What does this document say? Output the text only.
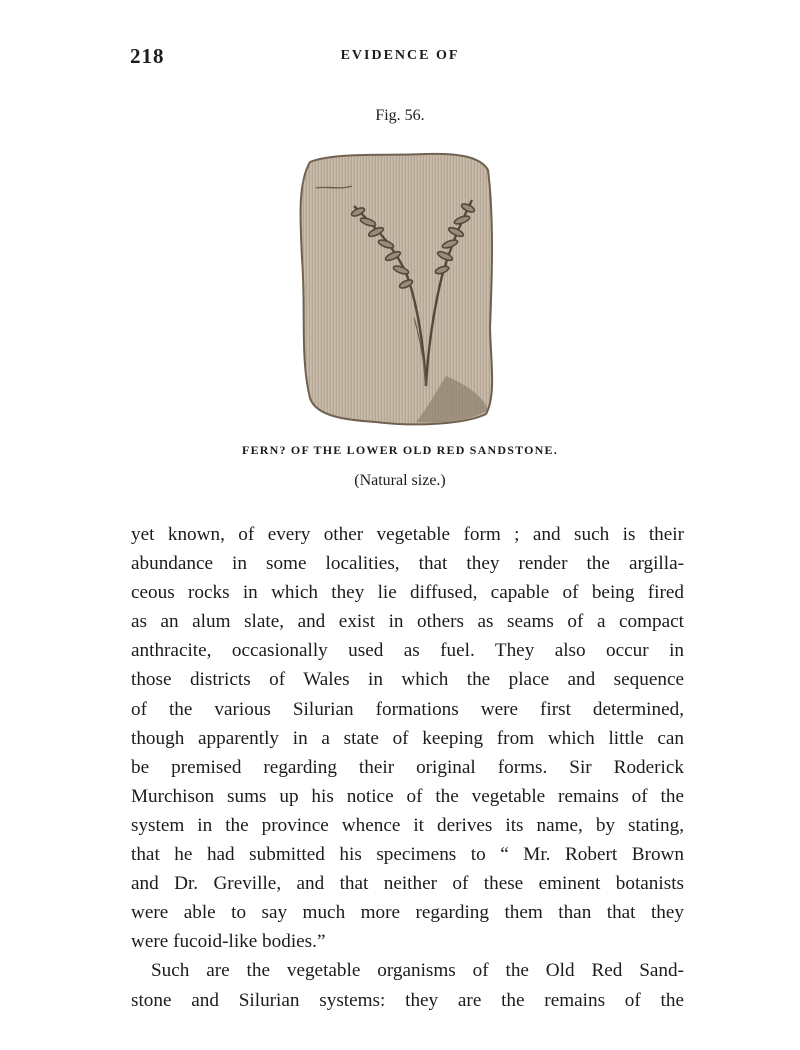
218	EVIDENCE OF
Fig. 56.
FERN? OF THE LOWER OLD RED SANDSTONE.
(Natural size.)
yet known, of every other vegetable form ; and such is their
abundance in some localities, that they render the argilla-
ceous rocks in which they lie diffused, capable of being fired
as an alum slate, and exist in others as seams of a compact
anthracite, occasionally used as fuel. They also occur in
those districts of Wales in which the place and sequence
of the various Silurian formations were first determined,
though apparently in a state of keeping from which little can
be premised regarding their original forms. Sir Roderick
Murchison sums up his notice of the vegetable remains of the
system in the province whence it derives its name, by stating,
that he had submitted his specimens to “ Mr. Robert Brown
and Dr. Greville, and that neither of these eminent botanists
were able to say much more regarding them than that they
were fucoid-like bodies.”
Such are the vegetable organisms of the Old Red Sand-
stone and Silurian systems: they are the remains of the
